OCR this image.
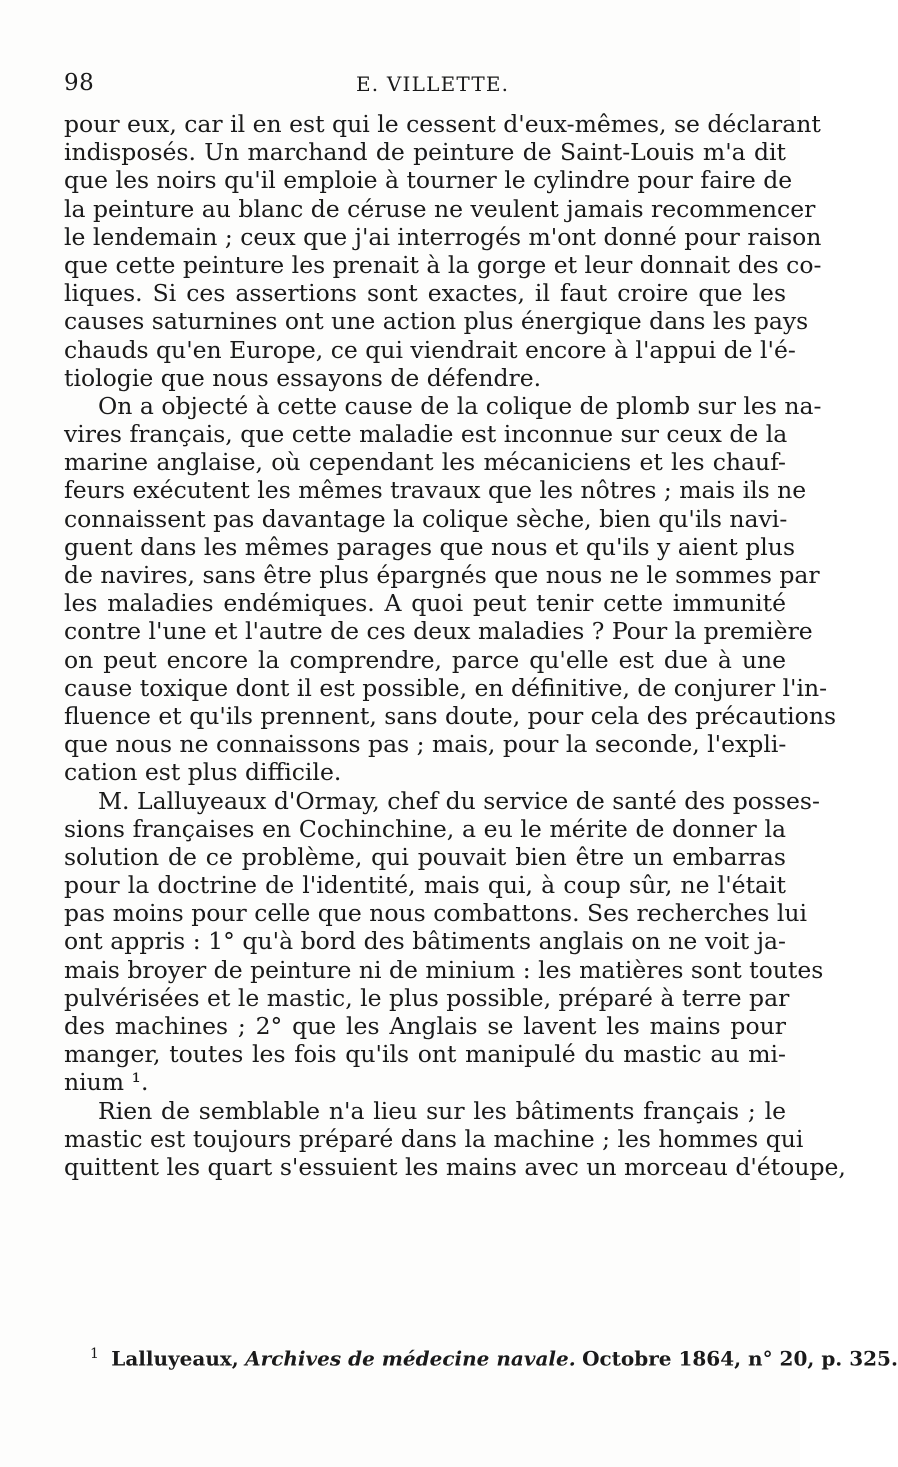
98	E. VILLETTE.
pour eux, car il en est qui le cessent d'eux-mêmes, se déclarant
indisposés. Un marchand de peinture de Saint-Louis m'a dit
que les noirs qu'il emploie à tourner le cylindre pour faire de
la peinture au blanc de céruse ne veulent jamais recommencer
le lendemain ; ceux que j'ai interrogés m'ont donné pour raison
que cette peinture les prenait à la gorge et leur donnait des co-
liques. Si ces assertions sont exactes, il faut croire que les
causes saturnines ont une action plus énergique dans les pays
chauds qu'en Europe, ce qui viendrait encore à l'appui de l'é-
tiologie que nous essayons de défendre.
On a objecté à cette cause de la colique de plomb sur les na-
vires français, que cette maladie est inconnue sur ceux de la
marine anglaise, où cependant les mécaniciens et les chauf-
feurs exécutent les mêmes travaux que les nôtres ; mais ils ne
connaissent pas davantage la colique sèche, bien qu'ils navi-
guent dans les mêmes parages que nous et qu'ils y aient plus
de navires, sans être plus épargnés que nous ne le sommes par
les maladies endémiques. A quoi peut tenir cette immunité
contre l'une et l'autre de ces deux maladies ? Pour la première
on peut encore la comprendre, parce qu'elle est due à une
cause toxique dont il est possible, en définitive, de conjurer l'in-
fluence et qu'ils prennent, sans doute, pour cela des précautions
que nous ne connaissons pas ; mais, pour la seconde, l'expli-
cation est plus difficile.
M. Lalluyeaux d'Ormay, chef du service de santé des posses-
sions françaises en Cochinchine, a eu le mérite de donner la
solution de ce problème, qui pouvait bien être un embarras
pour la doctrine de l'identité, mais qui, à coup sûr, ne l'était
pas moins pour celle que nous combattons. Ses recherches lui
ont appris : 1° qu'à bord des bâtiments anglais on ne voit ja-
mais broyer de peinture ni de minium : les matières sont toutes
pulvérisées et le mastic, le plus possible, préparé à terre par
des machines ; 2° que les Anglais se lavent les mains pour
manger, toutes les fois qu'ils ont manipulé du mastic au mi-
nium ¹.
Rien de semblable n'a lieu sur les bâtiments français ; le
mastic est toujours préparé dans la machine ; les hommes qui
quittent les quart s'essuient les mains avec un morceau d'étoupe,
$^1$ Lalluyeaux, Archives de médecine navale. Octobre 1864, n° 20, p. 325.
